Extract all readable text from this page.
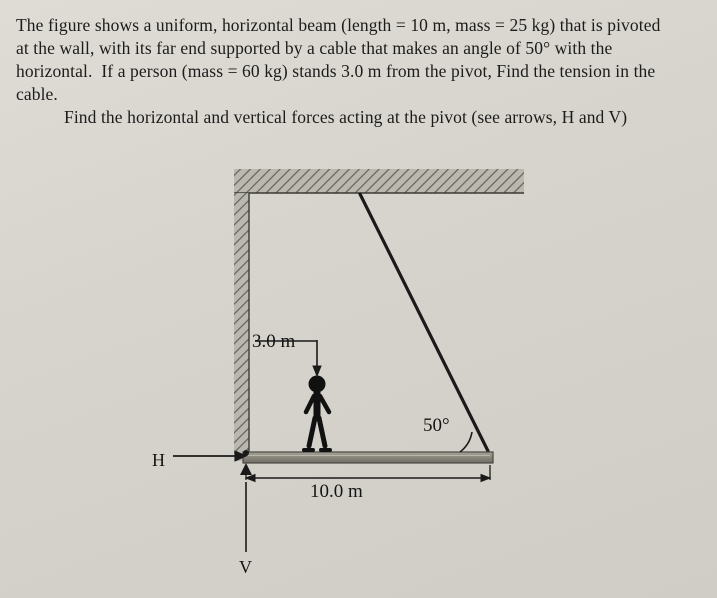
The figure shows a uniform, horizontal beam (length = 10 m, mass = 25 kg) that is pivoted
at the wall, with its far end supported by a cable that makes an angle of 50° with the
horizontal.  If a person (mass = 60 kg) stands 3.0 m from the pivot, Find the tension in the
cable.
Find the horizontal and vertical forces acting at the pivot (see arrows, H and V)
3.0 m
50°
10.0 m
H
V
